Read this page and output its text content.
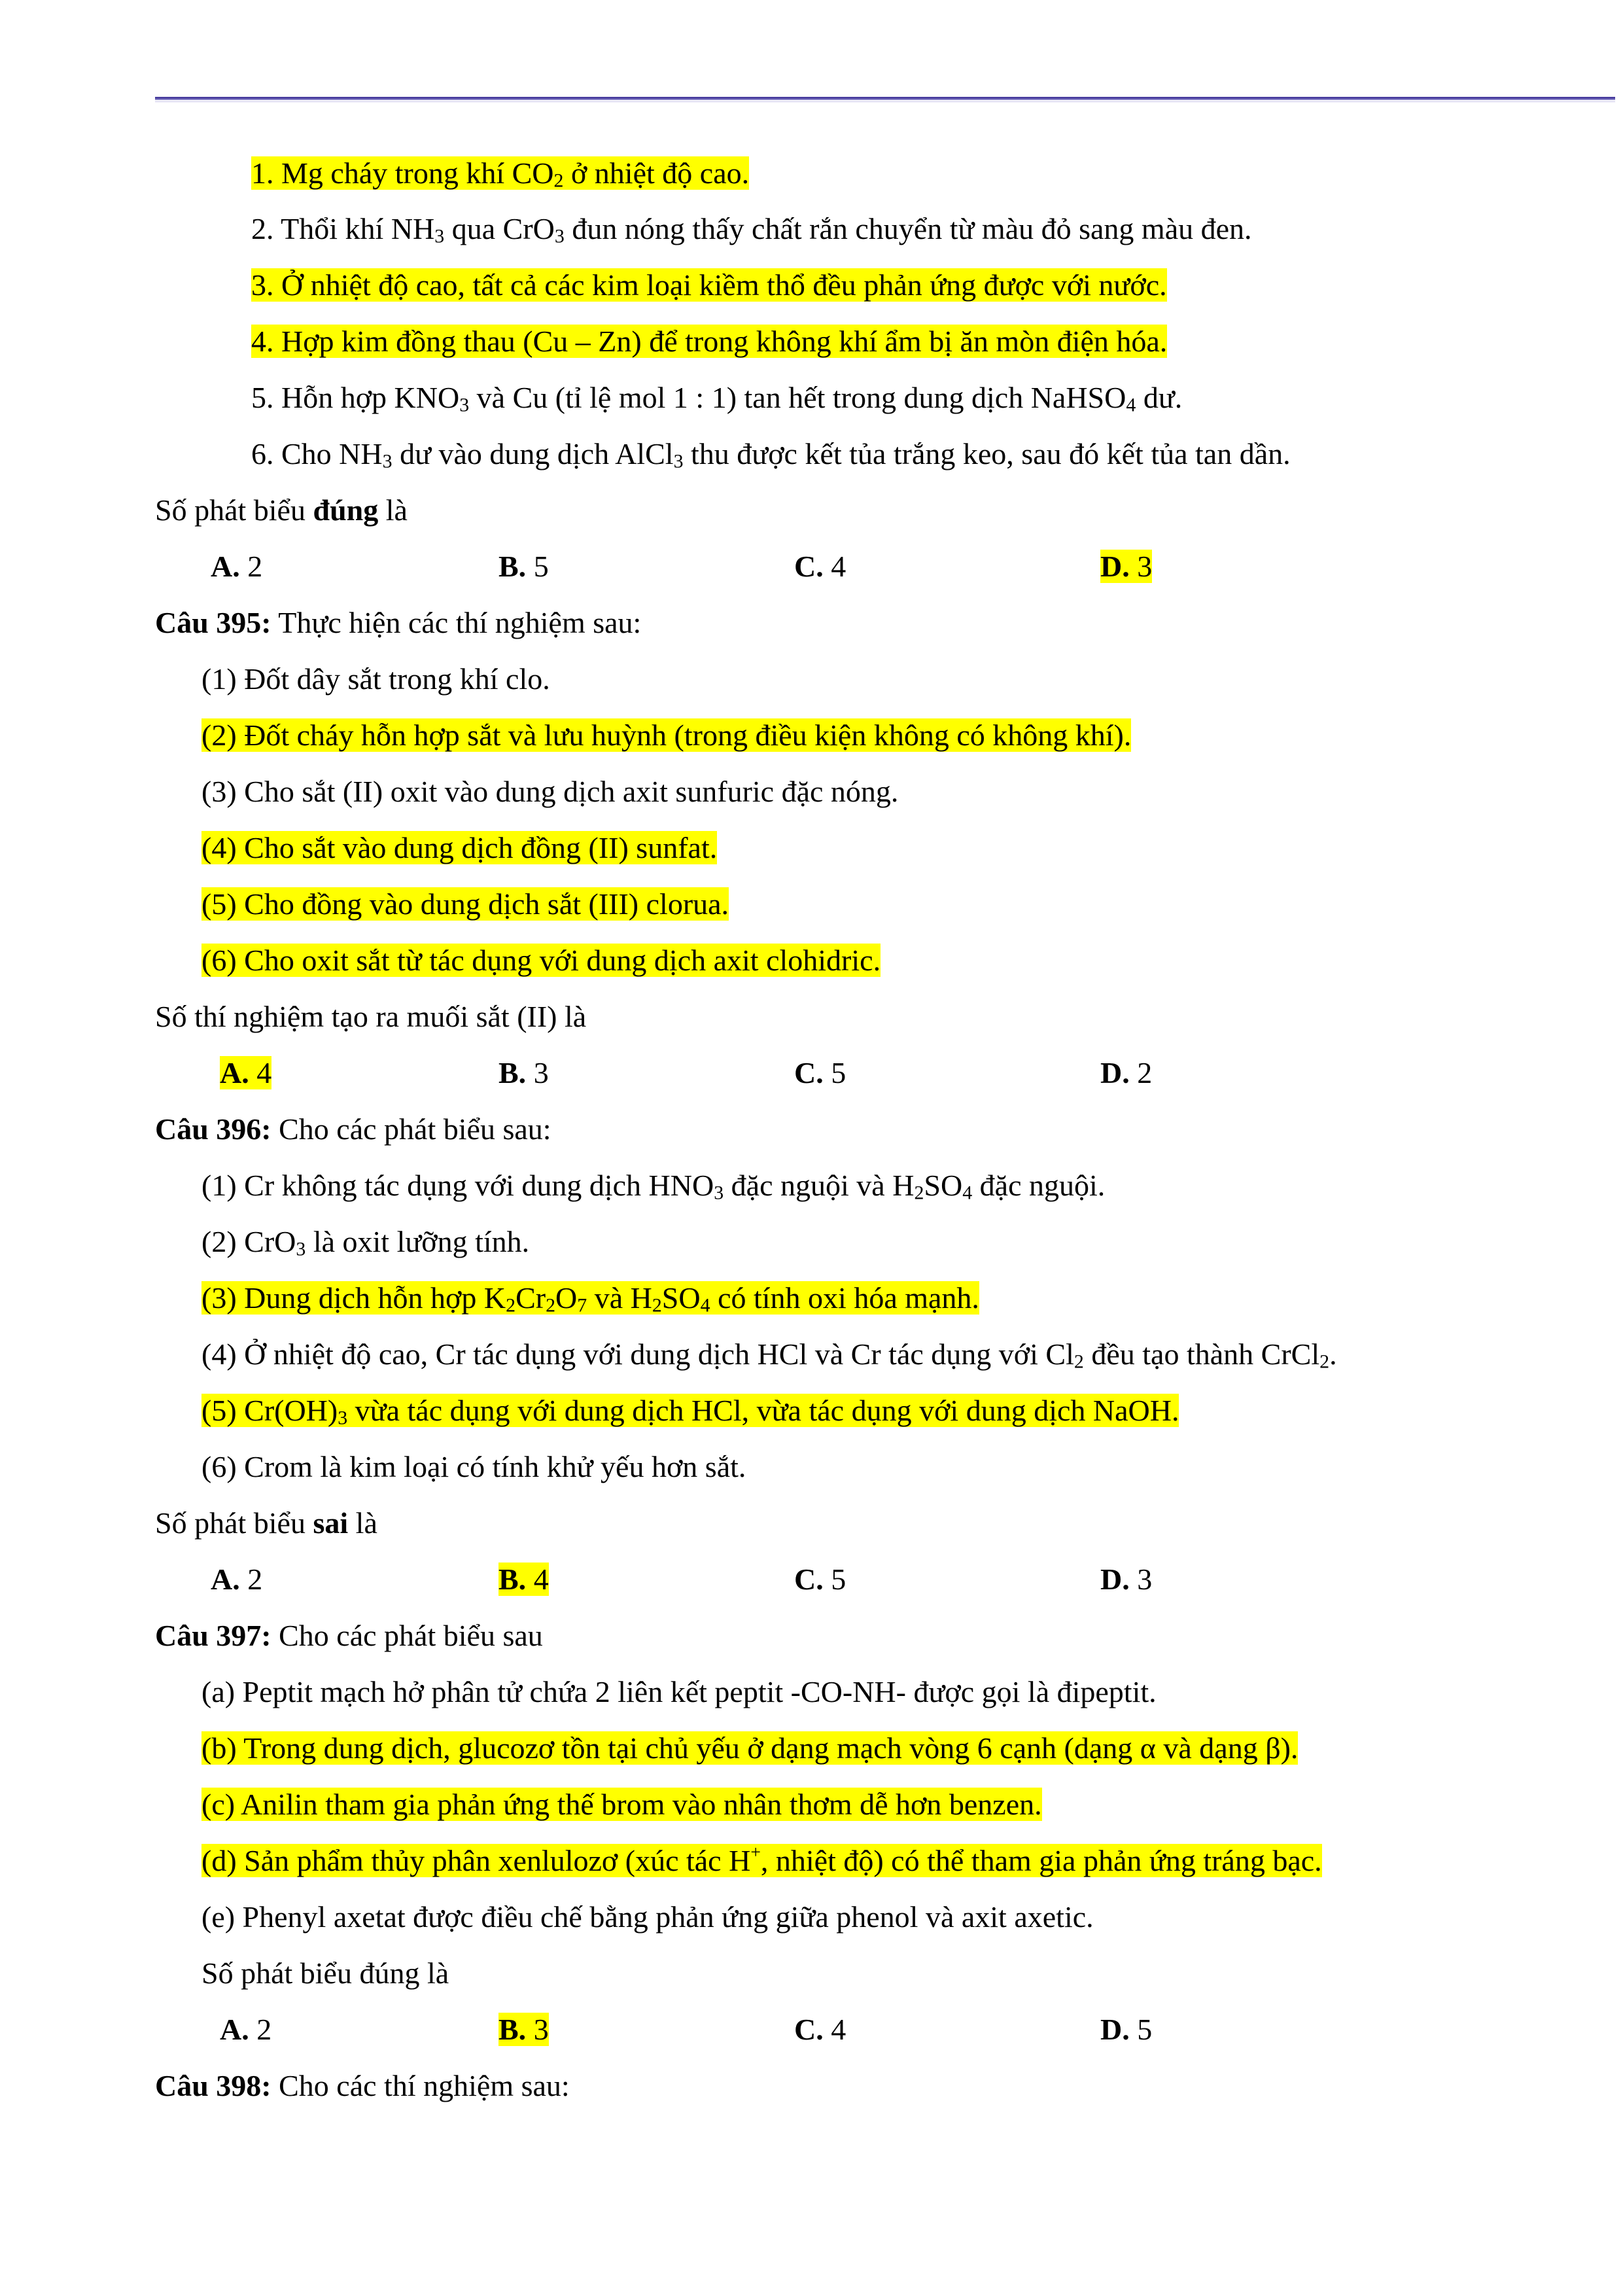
1. Mg cháy trong khí $CO_2$ ở nhiệt độ cao.
2. Thổi khí $NH_3$ qua CrO$_3$ đun nóng thấy chất rắn chuyển từ màu đỏ sang màu đen.
3. Ở nhiệt độ cao, tất cả các kim loại kiềm thổ đều phản ứng được với nước.
4. Hợp kim đồng thau (Cu – Zn) để trong không khí ẩm bị ăn mòn điện hóa.
5. Hỗn hợp $KNO_3$ và Cu (tỉ lệ mol 1 : 1) tan hết trong dung dịch NaHSO$_4$ dư.
6. Cho $NH_3$ dư vào dung dịch AlCl$_3$ thu được kết tủa trắng keo, sau đó kết tủa tan dần.
Số phát biểu đúng là
A. 2	B. 5	C. 4	D. 3
Câu 395: Thực hiện các thí nghiệm sau:
(1) Đốt dây sắt trong khí clo.
(2) Đốt cháy hỗn hợp sắt và lưu huỳnh (trong điều kiện không có không khí).
(3) Cho sắt (II) oxit vào dung dịch axit sunfuric đặc nóng.
(4) Cho sắt vào dung dịch đồng (II) sunfat.
(5) Cho đồng vào dung dịch sắt (III) clorua.
(6) Cho oxit sắt từ tác dụng với dung dịch axit clohidric.
Số thí nghiệm tạo ra muối sắt (II) là
A. 4	B. 3	C. 5	D. 2
Câu 396: Cho các phát biểu sau:
(1) Cr không tác dụng với dung dịch $HNO_3$ đặc nguội và $H_2SO_4$ đặc nguội.
(2) CrO$_3$ là oxit lưỡng tính.
(3) Dung dịch hỗn hợp $K_2Cr_2O_7$ và $H_2SO_4$ có tính oxi hóa mạnh.
(4) Ở nhiệt độ cao, Cr tác dụng với dung dịch HCl và Cr tác dụng với $Cl_2$ đều tạo thành CrCl$_2$.
(5) $Cr(OH)_3$ vừa tác dụng với dung dịch HCl, vừa tác dụng với dung dịch NaOH.
(6) Crom là kim loại có tính khử yếu hơn sắt.
Số phát biểu sai là
A. 2	B. 4	C. 5	D. 3
Câu 397: Cho các phát biểu sau
(a) Peptit mạch hở phân tử chứa 2 liên kết peptit -CO-NH- được gọi là đipeptit.
(b) Trong dung dịch, glucozơ tồn tại chủ yếu ở dạng mạch vòng 6 cạnh (dạng α và dạng β).
(c) Anilin tham gia phản ứng thế brom vào nhân thơm dễ hơn benzen.
(d) Sản phẩm thủy phân xenlulozơ (xúc tác H+, nhiệt độ) có thể tham gia phản ứng tráng bạc.
(e) Phenyl axetat được điều chế bằng phản ứng giữa phenol và axit axetic.
Số phát biểu đúng là
A. 2	B. 3	C. 4	D. 5
Câu 398: Cho các thí nghiệm sau:
